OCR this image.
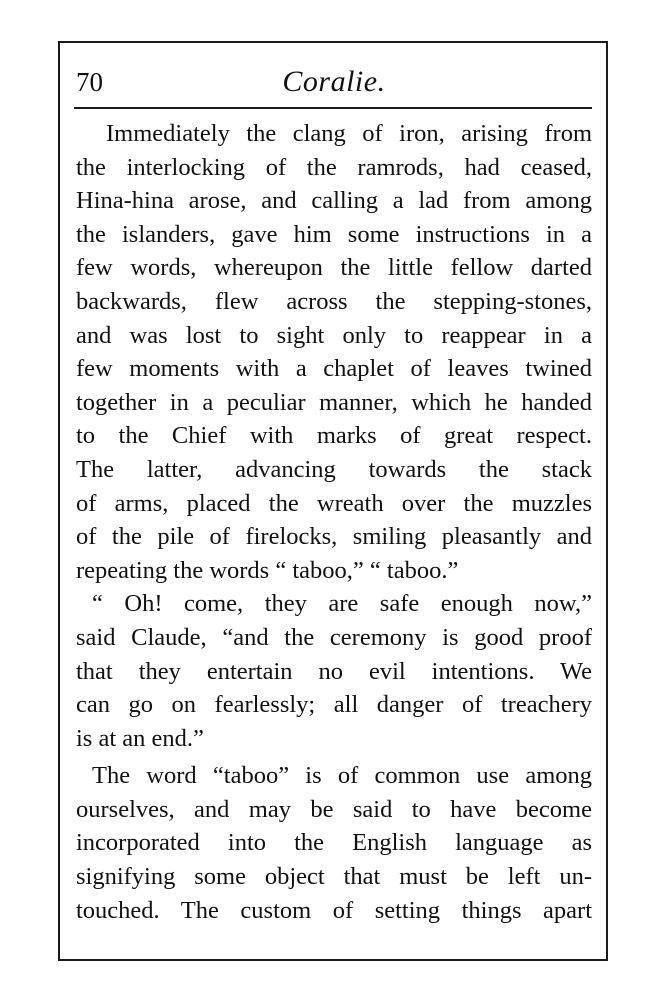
70	Coralie.
Immediately the clang of iron, arising from
the interlocking of the ramrods, had ceased,
Hina-hina arose, and calling a lad from among
the islanders, gave him some instructions in a
few words, whereupon the little fellow darted
backwards, flew across the stepping-stones,
and was lost to sight only to reappear in a
few moments with a chaplet of leaves twined
together in a peculiar manner, which he handed
to the Chief with marks of great respect.
The latter, advancing towards the stack
of arms, placed the wreath over the muzzles
of the pile of firelocks, smiling pleasantly and
repeating the words “ taboo,” “ taboo.”
“ Oh! come, they are safe enough now,”
said Claude, “and the ceremony is good proof
that they entertain no evil intentions. We
can go on fearlessly; all danger of treachery
is at an end.”
The word “taboo” is of common use among
ourselves, and may be said to have become
incorporated into the English language as
signifying some object that must be left un-
touched. The custom of setting things apart
